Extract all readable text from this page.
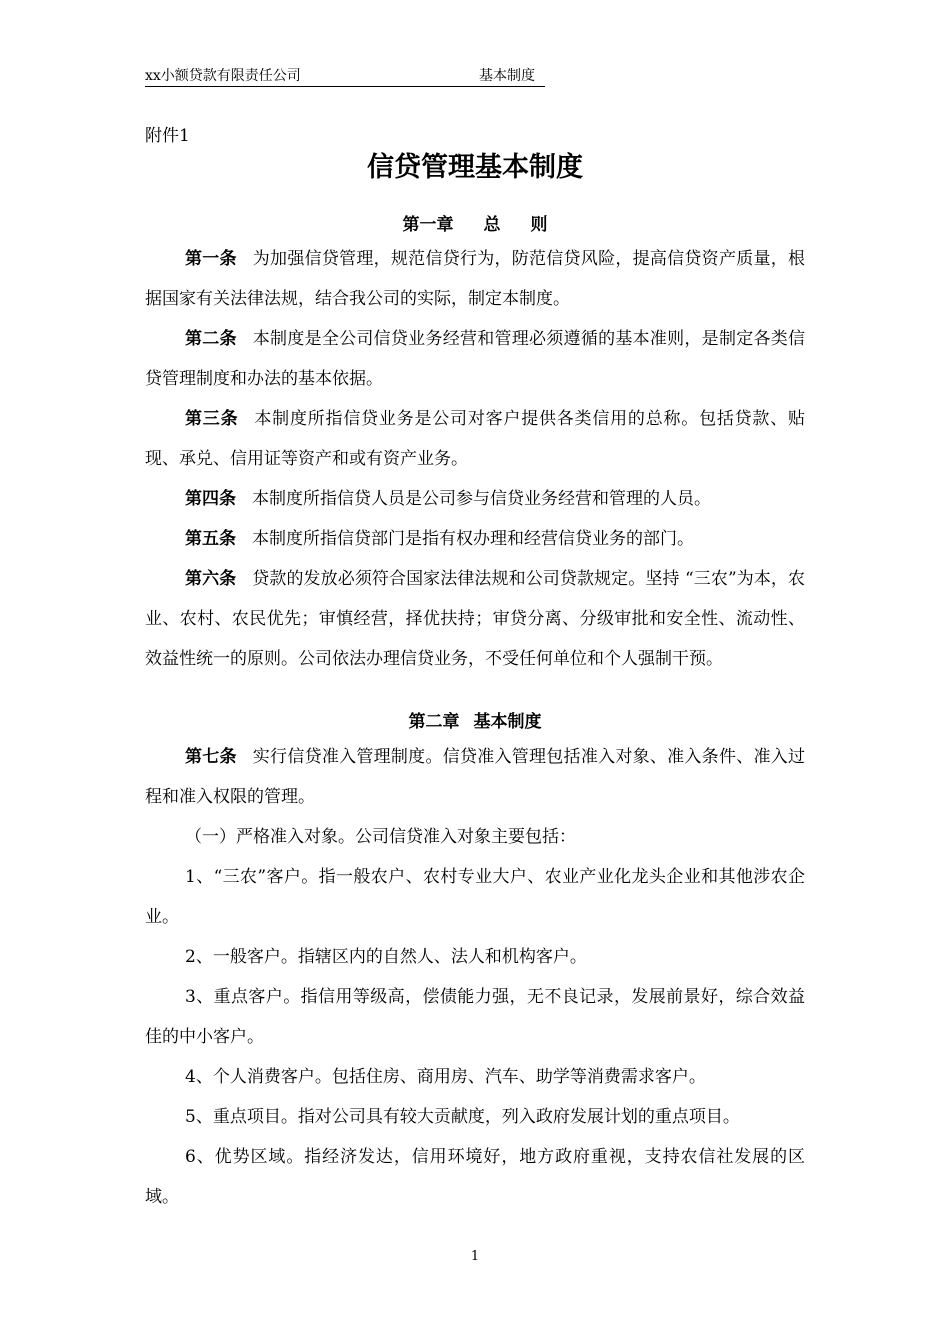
xx小额贷款有限责任公司	基本制度
附件1
信贷管理基本制度
第一章 总 则

第一条 为加强信贷管理，规范信贷行为，防范信贷风险，提高信贷资产质量，根据国家有关法律法规，结合我公司的实际，制定本制度。

第二条 本制度是全公司信贷业务经营和管理必须遵循的基本准则，是制定各类信贷管理制度和办法的基本依据。

第三条 本制度所指信贷业务是公司对客户提供各类信用的总称。包括贷款、贴现、承兑、信用证等资产和或有资产业务。

第四条 本制度所指信贷人员是公司参与信贷业务经营和管理的人员。

第五条 本制度所指信贷部门是指有权办理和经营信贷业务的部门。

第六条 贷款的发放必须符合国家法律法规和公司贷款规定。坚持 “三农”为本，农业、农村、农民优先；审慎经营，择优扶持；审贷分离、分级审批和安全性、流动性、效益性统一的原则。公司依法办理信贷业务，不受任何单位和个人强制干预。

第二章 基本制度

第七条 实行信贷准入管理制度。信贷准入管理包括准入对象、准入条件、准入过程和准入权限的管理。

（一）严格准入对象。公司信贷准入对象主要包括：

1、“三农”客户。指一般农户、农村专业大户、农业产业化龙头企业和其他涉农企业。

2、一般客户。指辖区内的自然人、法人和机构客户。

3、重点客户。指信用等级高，偿债能力强，无不良记录，发展前景好，综合效益佳的中小客户。

4、个人消费客户。包括住房、商用房、汽车、助学等消费需求客户。

5、重点项目。指对公司具有较大贡献度，列入政府发展计划的重点项目。

6、优势区域。指经济发达，信用环境好，地方政府重视，支持农信社发展的区域。

1
